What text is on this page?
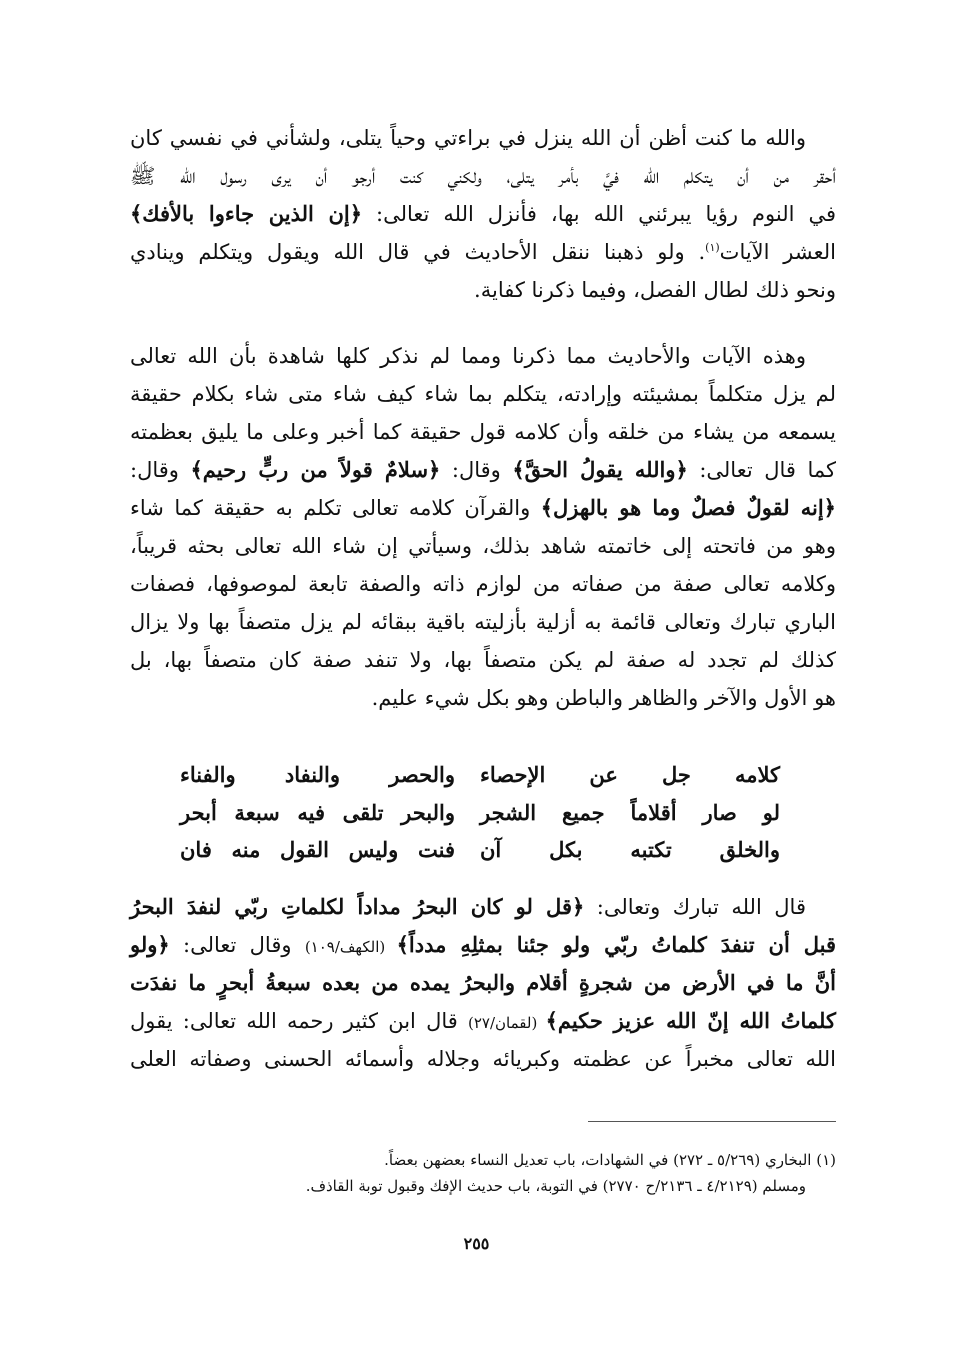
والله ما كنت أظن أن الله ينزل في براءتي وحياً يتلى، ولشأني في نفسي كان
أحقر من أن يتكلم الله فيَّ بأمر يتلى، ولكني كنت أرجو أن يرى رسول الله ﷺ
في النوم رؤيا يبرئني الله بها، فأنزل الله تعالى: ﴿إن الذين جاءوا بالأفك﴾
العشر الآيات$^{(١)}$. ولو ذهبنا ننقل الأحاديث في قال الله ويقول ويتكلم وينادي
ونحو ذلك لطال الفصل، وفيما ذكرنا كفاية.
وهذه الآيات والأحاديث مما ذكرنا ومما لم نذكر كلها شاهدة بأن الله تعالى
لم يزل متكلماً بمشيئته وإرادته، يتكلم بما شاء كيف شاء متى شاء بكلام حقيقة
يسمعه من يشاء من خلقه وأن كلامه قول حقيقة كما أخبر وعلى ما يليق بعظمته
كما قال تعالى: ﴿والله يقولُ الحقَّ﴾ وقال: ﴿سلامٌ قولاً من ربٍّ رحيم﴾ وقال:
﴿إنه لقولٌ فصلٌ وما هو بالهزل﴾ والقرآن كلامه تعالى تكلم به حقيقة كما شاء
وهو من فاتحته إلى خاتمته شاهد بذلك، وسيأتي إن شاء الله تعالى بحثه قريباً،
وكلامه تعالى صفة من صفاته من لوازم ذاته والصفة تابعة لموصوفها، فصفات
الباري تبارك وتعالى قائمة به أزلية بأزليته باقية ببقائه لم يزل متصفاً بها ولا يزال
كذلك لم تجدد له صفة لم يكن متصفاً بها، ولا تنفد صفة كان متصفاً بها، بل
هو الأول والآخر والظاهر والباطن وهو بكل شيء عليم.
كلامه جل عن الإحصاء
والحصر والنفاد والفناء
لو صار أقلاماً جميع الشجر
والبحر تلقى فيه سبعة أبحر
والخلق تكتبه بكل آن
فنت وليس القول منه فان
قال الله تبارك وتعالى: ﴿قل لو كان البحرُ مداداً لكلماتِ ربّي لنفدَ البحرُ
قبل أن تنفدَ كلماتُ ربّي ولو جئنا بمثلِهِ مدداً﴾ (الكهف/١٠٩) وقال تعالى: ﴿ولو
أنَّ ما في الأرض من شجرةٍ أقلام والبحرُ يمده من بعده سبعةُ أبحرٍ ما نفدَت
كلماتُ الله إنّ الله عزيز حكيم﴾ (لقمان/٢٧) قال ابن كثير رحمه الله تعالى: يقول
الله تعالى مخبراً عن عظمته وكبريائه وجلاله وأسمائه الحسنى وصفاته العلى
(١) البخاري (٥/٢٦٩ ـ ٢٧٢) في الشهادات، باب تعديل النساء بعضهن بعضاً.
ومسلم (٤/٢١٢٩ ـ ٢١٣٦/ح ٢٧٧٠) في التوبة، باب حديث الإفك وقبول توبة القاذف.
٢٥٥
